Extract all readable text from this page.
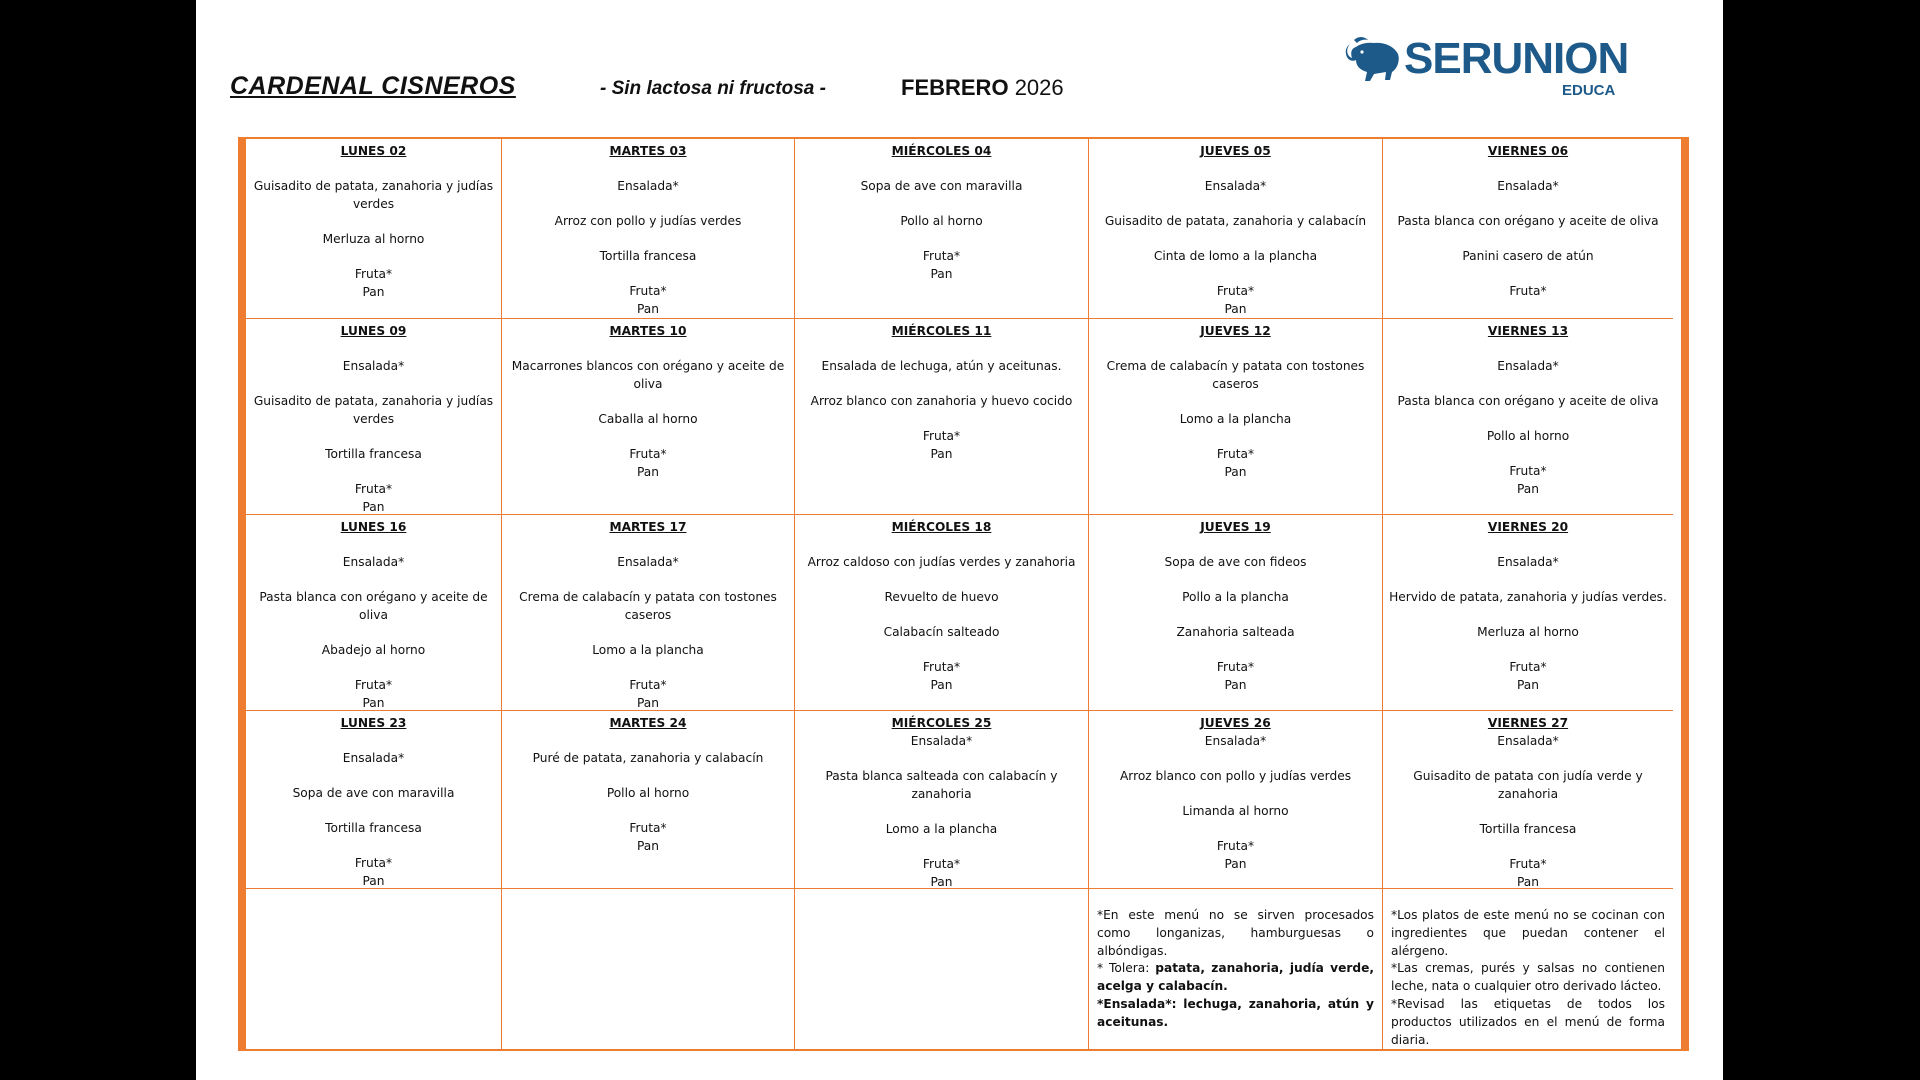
CARDENAL CISNEROS	- Sin lactosa ni fructosa -	FEBRERO 2026
SERUNION
EDUCA
LUNES 02
Guisadito de patata, zanahoria y judías verdes
Merluza al horno
Fruta*
Pan
MARTES 03
Ensalada*
Arroz con pollo y judías verdes
Tortilla francesa
Fruta*
Pan
MIÉRCOLES 04
Sopa de ave con maravilla
Pollo al horno
Fruta*
Pan
JUEVES 05
Ensalada*
Guisadito de patata, zanahoria y calabacín
Cinta de lomo a la plancha
Fruta*
Pan
VIERNES 06
Ensalada*
Pasta blanca con orégano y aceite de oliva
Panini casero de atún
Fruta*
LUNES 09
Ensalada*
Guisadito de patata, zanahoria y judías verdes
Tortilla francesa
Fruta*
Pan
MARTES 10
Macarrones blancos con orégano y aceite de oliva
Caballa al horno
Fruta*
Pan
MIÉRCOLES 11
Ensalada de lechuga, atún y aceitunas.
Arroz blanco con zanahoria y huevo cocido
Fruta*
Pan
JUEVES 12
Crema de calabacín y patata con tostones caseros
Lomo a la plancha
Fruta*
Pan
VIERNES 13
Ensalada*
Pasta blanca con orégano y aceite de oliva
Pollo al horno
Fruta*
Pan
LUNES 16
Ensalada*
Pasta blanca con orégano y aceite de oliva
Abadejo al horno
Fruta*
Pan
MARTES 17
Ensalada*
Crema de calabacín y patata con tostones caseros
Lomo a la plancha
Fruta*
Pan
MIÉRCOLES 18
Arroz caldoso con judías verdes y zanahoria
Revuelto de huevo
Calabacín salteado
Fruta*
Pan
JUEVES 19
Sopa de ave con fideos
Pollo a la plancha
Zanahoria salteada
Fruta*
Pan
VIERNES 20
Ensalada*
Hervido de patata, zanahoria y judías verdes.
Merluza al horno
Fruta*
Pan
LUNES 23
Ensalada*
Sopa de ave con maravilla
Tortilla francesa
Fruta*
Pan
MARTES 24
Puré de patata, zanahoria y calabacín
Pollo al horno
Fruta*
Pan
MIÉRCOLES 25
Ensalada*
Pasta blanca salteada con calabacín y zanahoria
Lomo a la plancha
Fruta*
Pan
JUEVES 26
Ensalada*
Arroz blanco con pollo y judías verdes
Limanda al horno
Fruta*
Pan
VIERNES 27
Ensalada*
Guisadito de patata con judía verde y zanahoria
Tortilla francesa
Fruta*
Pan

*En este menú no se sirven procesados como longanizas, hamburguesas o albóndigas.

* Tolera: patata, zanahoria, judía verde, acelga y calabacín.

*Ensalada*: lechuga, zanahoria, atún y aceitunas.

*Los platos de este menú no se cocinan con ingredientes que puedan contener el alérgeno.

*Las cremas, purés y salsas no contienen leche, nata o cualquier otro derivado lácteo.

*Revisad las etiquetas de todos los productos utilizados en el menú de forma diaria.
